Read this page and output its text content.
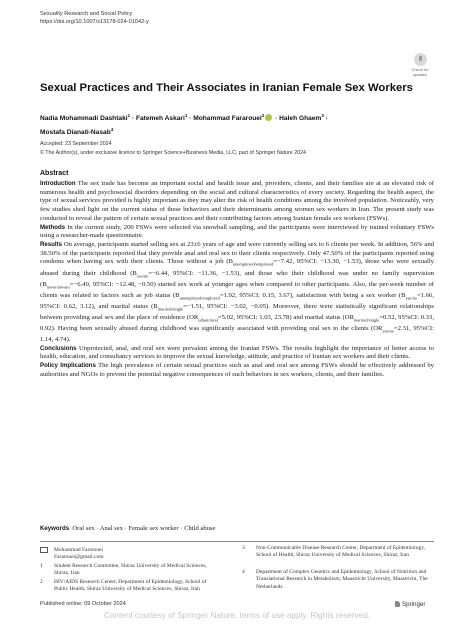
Sexuality Research and Social Policy
https://doi.org/10.1007/s13178-024-01042-y
Check for
updates
Sexual Practices and Their Associates in Iranian Female Sex Workers
Nadia Mohammadi Dashtaki$^1$ · Fatemeh Askari$^1$ · Mohammad Fararouei$^2$ · Haleh Ghaem$^3$ ·
Mostafa Dianati-Nasab$^4$
Accepted: 23 September 2024
© The Author(s), under exclusive licence to Springer Science+Business Media, LLC, part of Springer Nature 2024
Abstract

Introduction The sex trade has become an important social and health issue and, providers, clients, and their families are at an elevated risk of numerous health and psychosocial disorders depending on the social and cultural characteristics of every society. Regarding the health aspect, the type of sexual services provided is highly important as they may alter the risk of health conditions among the involved population. Noticeably, very few studies shed light on the current status of these behaviors and their determinants among women sex workers in Iran. The present study was conducted to reveal the pattern of certain sexual practices and their contributing factors among Iranian female sex workers (FSWs).

Methods In the current study, 200 FSWs were selected via snowball sampling, and the participants were interviewed by trained voluntary FSWs using a researcher-made questionnaire.

Results On average, participants started selling sex at 23±6 years of age and were currently selling sex to 6 clients per week. In addition, 56% and 38.50% of the participants reported that they provide anal and oral sex to their clients respectively. Only 47.50% of the participants reported using condoms when having sex with their clients. Those without a job ($B_{unemployed/employed}=-7.42$, 95%CI: −13.30, −1.53), those who were sexually abused during their childhood ($B_{yes/no}=-6.44$, 95%CI: −11.36, −1.53), and those who their childhood was under no family supervision ($B_{never/always}=-6.49$, 95%CI: −12.48, −0.50) started sex work at younger ages when compared to other participants. Also, the per-week number of clients was related to factors such as job status ($B_{unemployed/employed}=1.92$, 95%CI: 0.15, 3.67), satisfaction with being a sex worker ($B_{yes/no}=1.66$, 95%CI: 0.62, 3.12), and marital status ($B_{married/single}=-1.51$, 95%CI: −3.02, −0.05). Moreover, there were statistically significant relationships between providing anal sex and the place of residence ($OR_{urban/rural}=5.02$, 95%CI: 1.03, 23.78) and marital status ($OR_{married/single}=0.52$, 95%CI: 0.33, 0.92). Having been sexually abused during childhood was significantly associated with providing oral sex to the clients ($OR_{yes/no}=2.31$, 95%CI: 1.14, 4.74).

Conclusions Unprotected, anal, and oral sex were prevalent among the Iranian FSWs. The results highlight the importance of better access to health, education, and consultancy services to improve the sexual knowledge, attitude, and practice of Iranian sex workers and their clients.

Policy Implications The high prevalence of certain sexual practices such as anal and oral sex among FSWs should be effectively addressed by authorities and NGOs to prevent the potential negative consequences of such behaviors in sex workers, clients, and their families.

Keywords Oral sex · Anal sex · Female sex worker · Child abuse
Mohammad Fararouei
Fararouei@gmail.com
1 Student Research Committee, Shiraz University of Medical Sciences, Shiraz, Iran
2 HIV/AIDS Research Center, Department of Epidemiology, School of Public Health, Shiraz University of Medical Sciences, Shiraz, Iran
3 Non-Communicable Disease Research Center, Department of Epidemiology, School of Health, Shiraz University of Medical Sciences, Shiraz, Iran
4 Department of Complex Genetics and Epidemiology, School of Nutrition and Translational Research in Metabolism, Maastricht University, Maastricht, The Netherlands
Published online: 09 October 2024	Springer
Content courtesy of Springer Nature, terms of use apply. Rights reserved.
